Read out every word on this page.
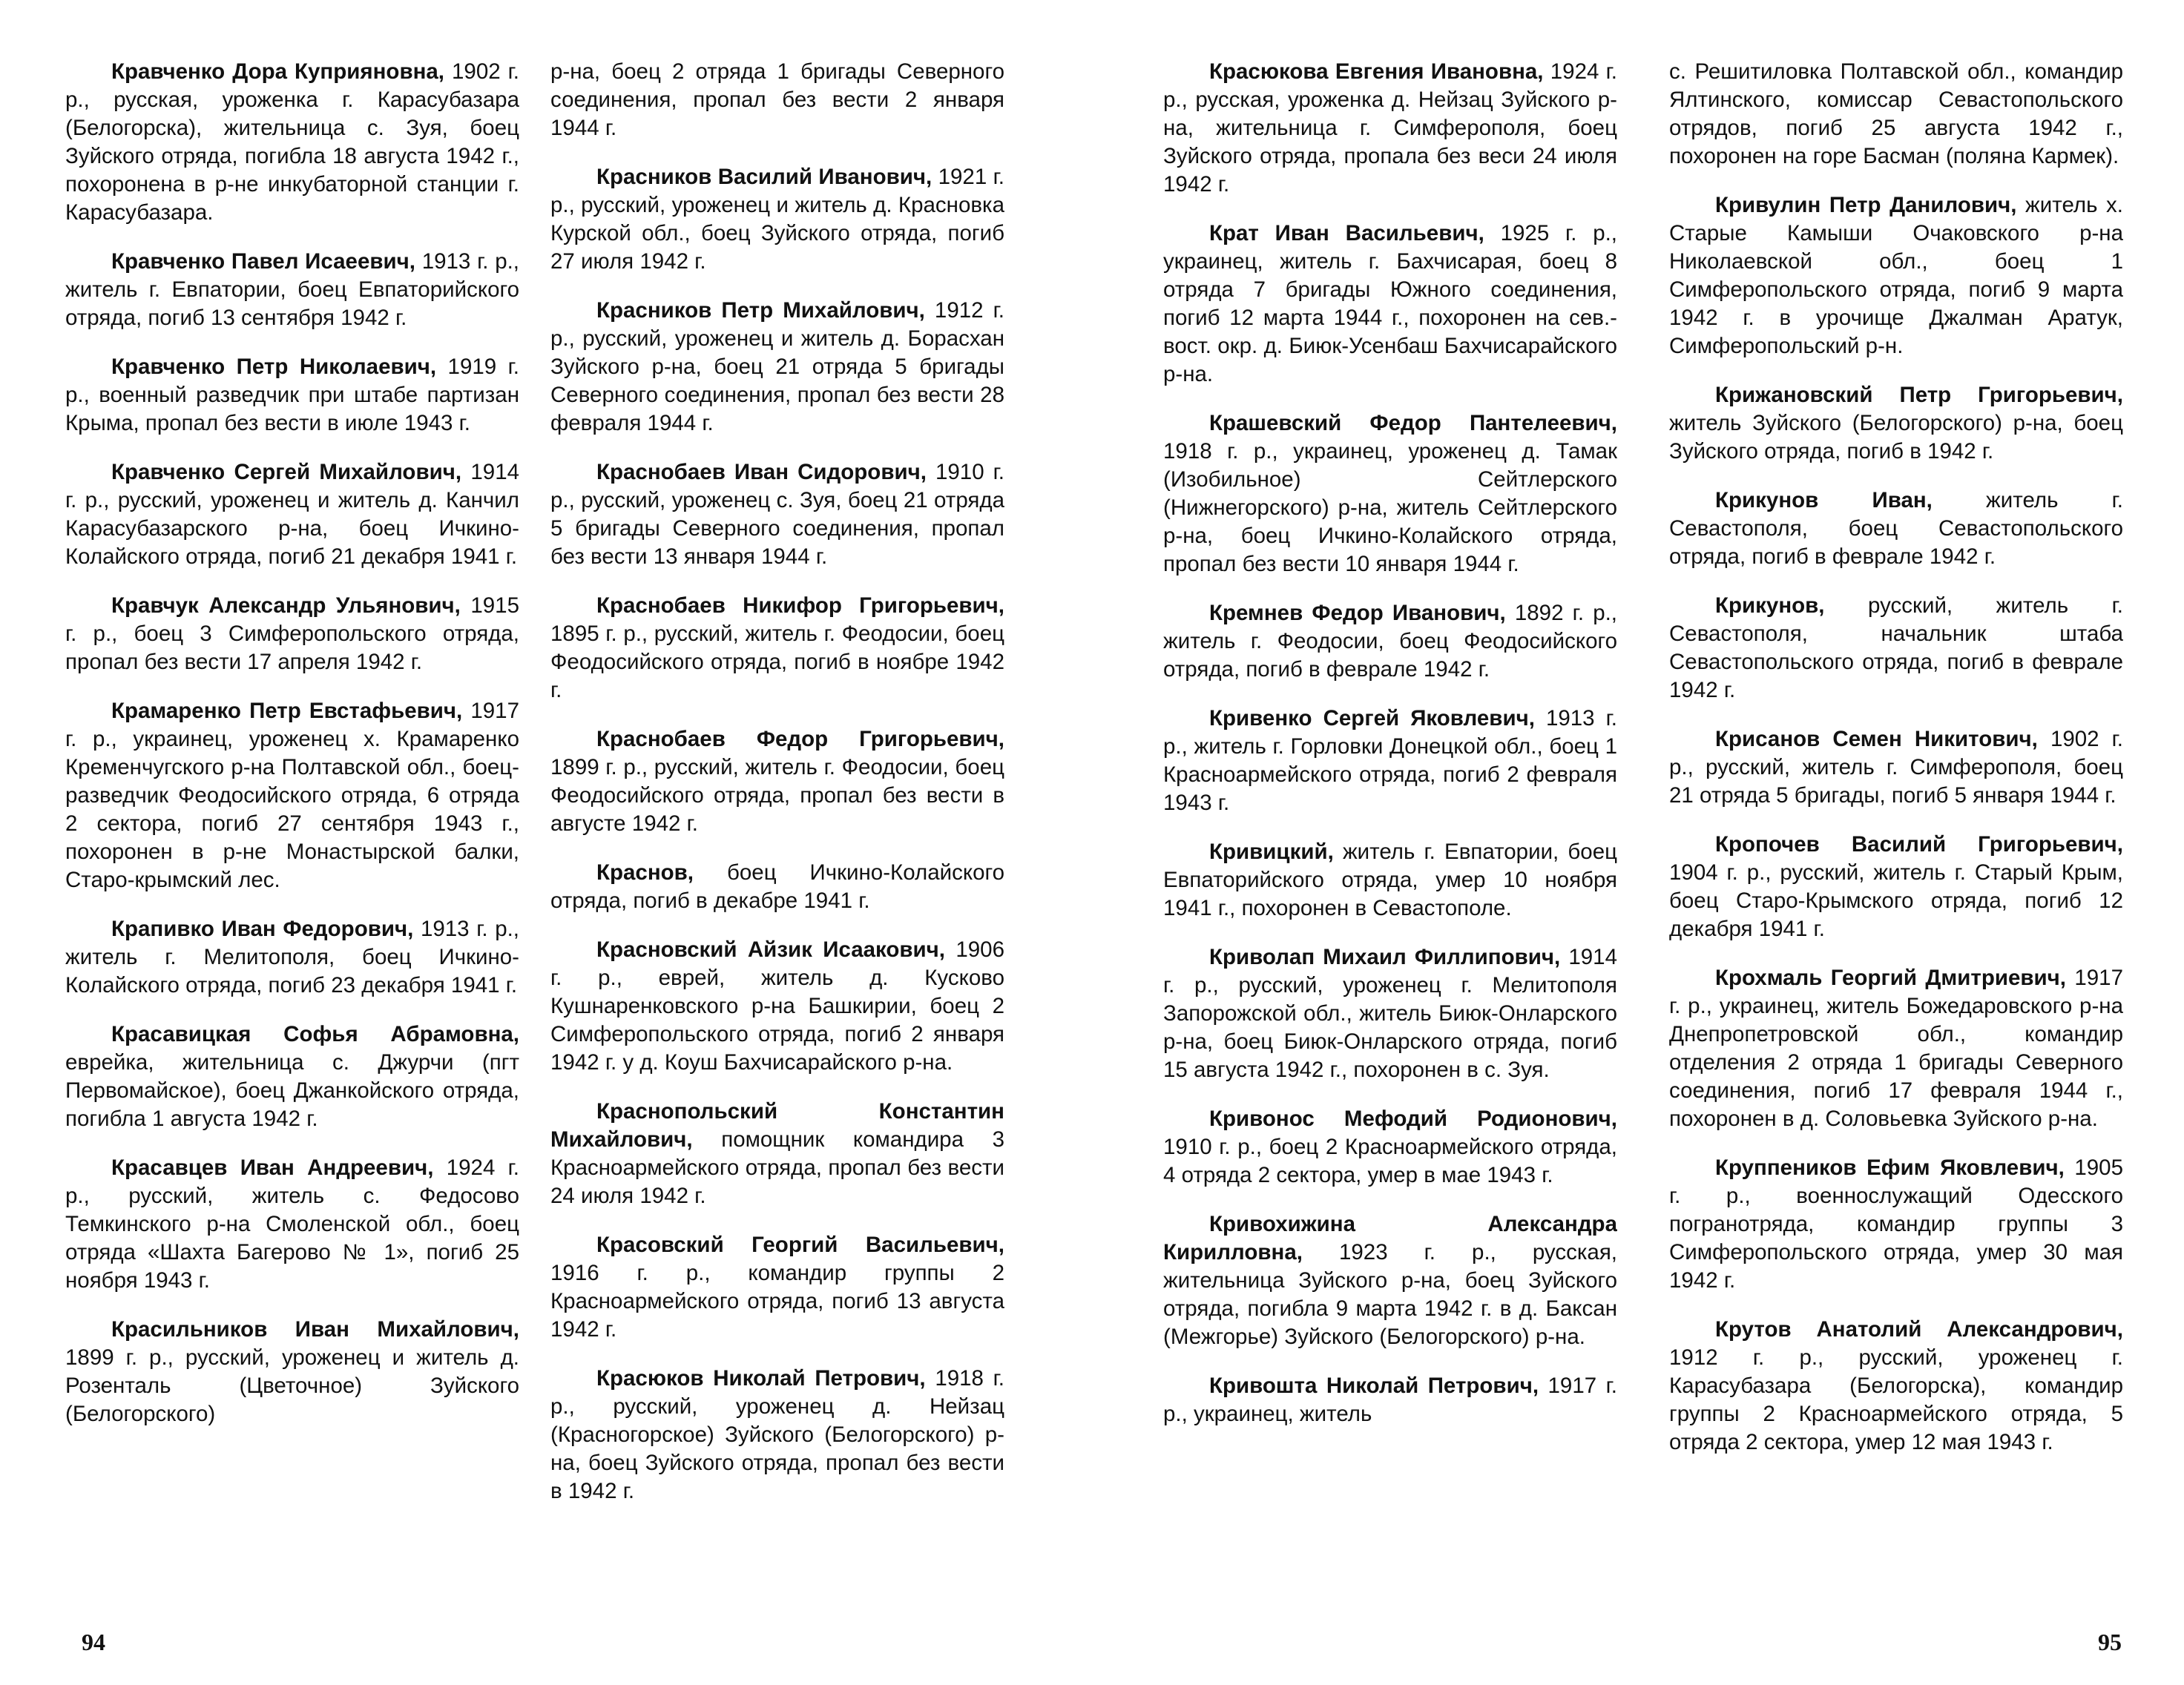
Кравченко Дора Куприяновна, 1902 г. р., русская, уроженка г. Карасубазара (Белогорска), жительница с. Зуя, боец Зуйского отряда, погибла 18 августа 1942 г., похоронена в р-не инкубаторной станции г. Карасубазара.

Кравченко Павел Исаеевич, 1913 г. р., житель г. Евпатории, боец Евпаторийского отряда, погиб 13 сентября 1942 г.

Кравченко Петр Николаевич, 1919 г. р., военный разведчик при штабе партизан Крыма, пропал без вести в июле 1943 г.

Кравченко Сергей Михайлович, 1914 г. р., русский, уроженец и житель д. Канчил Карасубазарского р-на, боец Ичкино-Колайского отряда, погиб 21 декабря 1941 г.

Кравчук Александр Ульянович, 1915 г. р., боец 3 Симферопольского отряда, пропал без вести 17 апреля 1942 г.

Крамаренко Петр Евстафьевич, 1917 г. р., украинец, уроженец х. Крамаренко Кременчугского р-на Полтавской обл., боец-разведчик Феодосийского отряда, 6 отряда 2 сектора, погиб 27 сентября 1943 г., похоронен в р-не Монастырской балки, Старо-крымский лес.

Крапивко Иван Федорович, 1913 г. р., житель г. Мелитополя, боец Ичкино-Колайского отряда, погиб 23 декабря 1941 г.

Красавицкая Софья Абрамовна, еврейка, жительница с. Джурчи (пгт Первомайское), боец Джанкойского отряда, погибла 1 августа 1942 г.

Красавцев Иван Андреевич, 1924 г. р., русский, житель с. Федосово Темкинского р-на Смоленской обл., боец отряда «Шахта Багерово № 1», погиб 25 ноября 1943 г.

Красильников Иван Михайлович, 1899 г. р., русский, уроженец и житель д. Розенталь (Цветочное) Зуйского (Белогорского)

р-на, боец 2 отряда 1 бригады Северного соединения, пропал без вести 2 января 1944 г.

Красников Василий Иванович, 1921 г. р., русский, уроженец и житель д. Красновка Курской обл., боец Зуйского отряда, погиб 27 июля 1942 г.

Красников Петр Михайлович, 1912 г. р., русский, уроженец и житель д. Борасхан Зуйского р-на, боец 21 отряда 5 бригады Северного соединения, пропал без вести 28 февраля 1944 г.

Краснобаев Иван Сидорович, 1910 г. р., русский, уроженец с. Зуя, боец 21 отряда 5 бригады Северного соединения, пропал без вести 13 января 1944 г.

Краснобаев Никифор Григорьевич, 1895 г. р., русский, житель г. Феодосии, боец Феодосийского отряда, погиб в ноябре 1942 г.

Краснобаев Федор Григорьевич, 1899 г. р., русский, житель г. Феодосии, боец Феодосийского отряда, пропал без вести в августе 1942 г.

Краснов, боец Ичкино-Колайского отряда, погиб в декабре 1941 г.

Красновский Айзик Исаакович, 1906 г. р., еврей, житель д. Кусково Кушнаренковского р-на Башкирии, боец 2 Симферопольского отряда, погиб 2 января 1942 г. у д. Коуш Бахчисарайского р-на.

Краснопольский Константин Михайлович, помощник командира 3 Красноармейского отряда, пропал без вести 24 июля 1942 г.

Красовский Георгий Васильевич, 1916 г. р., командир группы 2 Красноармейского отряда, погиб 13 августа 1942 г.

Красюков Николай Петрович, 1918 г. р., русский, уроженец д. Нейзац (Красногорское) Зуйского (Белогорского) р-на, боец Зуйского отряда, пропал без вести в 1942 г.

94

Красюкова Евгения Ивановна, 1924 г. р., русская, уроженка д. Нейзац Зуйского р-на, жительница г. Симферополя, боец Зуйского отряда, пропала без веси 24 июля 1942 г.

Крат Иван Васильевич, 1925 г. р., украинец, житель г. Бахчисарая, боец 8 отряда 7 бригады Южного соединения, погиб 12 марта 1944 г., похоронен на сев.-вост. окр. д. Биюк-Усенбаш Бахчисарайского р-на.

Крашевский Федор Пантелеевич, 1918 г. р., украинец, уроженец д. Тамак (Изобильное) Сейтлерского (Нижнегорского) р-на, житель Сейтлерского р-на, боец Ичкино-Колайского отряда, пропал без вести 10 января 1944 г.

Кремнев Федор Иванович, 1892 г. р., житель г. Феодосии, боец Феодосийского отряда, погиб в феврале 1942 г.

Кривенко Сергей Яковлевич, 1913 г. р., житель г. Горловки Донецкой обл., боец 1 Красноармейского отряда, погиб 2 февраля 1943 г.

Кривицкий, житель г. Евпатории, боец Евпаторийского отряда, умер 10 ноября 1941 г., похоронен в Севастополе.

Криволап Михаил Филлипович, 1914 г. р., русский, уроженец г. Мелитополя Запорожской обл., житель Биюк-Онларского р-на, боец Биюк-Онларского отряда, погиб 15 августа 1942 г., похоронен в с. Зуя.

Кривонос Мефодий Родионович, 1910 г. р., боец 2 Красноармейского отряда, 4 отряда 2 сектора, умер в мае 1943 г.

Кривохижина Александра Кирилловна, 1923 г. р., русская, жительница Зуйского р-на, боец Зуйского отряда, погибла 9 марта 1942 г. в д. Баксан (Межгорье) Зуйского (Белогорского) р-на.

Кривошта Николай Петрович, 1917 г. р., украинец, житель

с. Решитиловка Полтавской обл., командир Ялтинского, комиссар Севастопольского отрядов, погиб 25 августа 1942 г., похоронен на горе Басман (поляна Кармек).

Кривулин Петр Данилович, житель х. Старые Камыши Очаковского р-на Николаевской обл., боец 1 Симферопольского отряда, погиб 9 марта 1942 г. в урочище Джалман Аратук, Симферопольский р-н.

Крижановский Петр Григорьевич, житель Зуйского (Белогорского) р-на, боец Зуйского отряда, погиб в 1942 г.

Крикунов Иван, житель г. Севастополя, боец Севастопольского отряда, погиб в феврале 1942 г.

Крикунов, русский, житель г. Севастополя, начальник штаба Севастопольского отряда, погиб в феврале 1942 г.

Крисанов Семен Никитович, 1902 г. р., русский, житель г. Симферополя, боец 21 отряда 5 бригады, погиб 5 января 1944 г.

Кропочев Василий Григорьевич, 1904 г. р., русский, житель г. Старый Крым, боец Старо-Крымского отряда, погиб 12 декабря 1941 г.

Крохмаль Георгий Дмитриевич, 1917 г. р., украинец, житель Божедаровского р-на Днепропетровской обл., командир отделения 2 отряда 1 бригады Северного соединения, погиб 17 февраля 1944 г., похоронен в д. Соловьевка Зуйского р-на.

Круппеников Ефим Яковлевич, 1905 г. р., военнослужащий Одесского погранотряда, командир группы 3 Симферопольского отряда, умер 30 мая 1942 г.

Крутов Анатолий Александрович, 1912 г. р., русский, уроженец г. Карасубазара (Белогорска), командир группы 2 Красноармейского отряда, 5 отряда 2 сектора, умер 12 мая 1943 г.

95
